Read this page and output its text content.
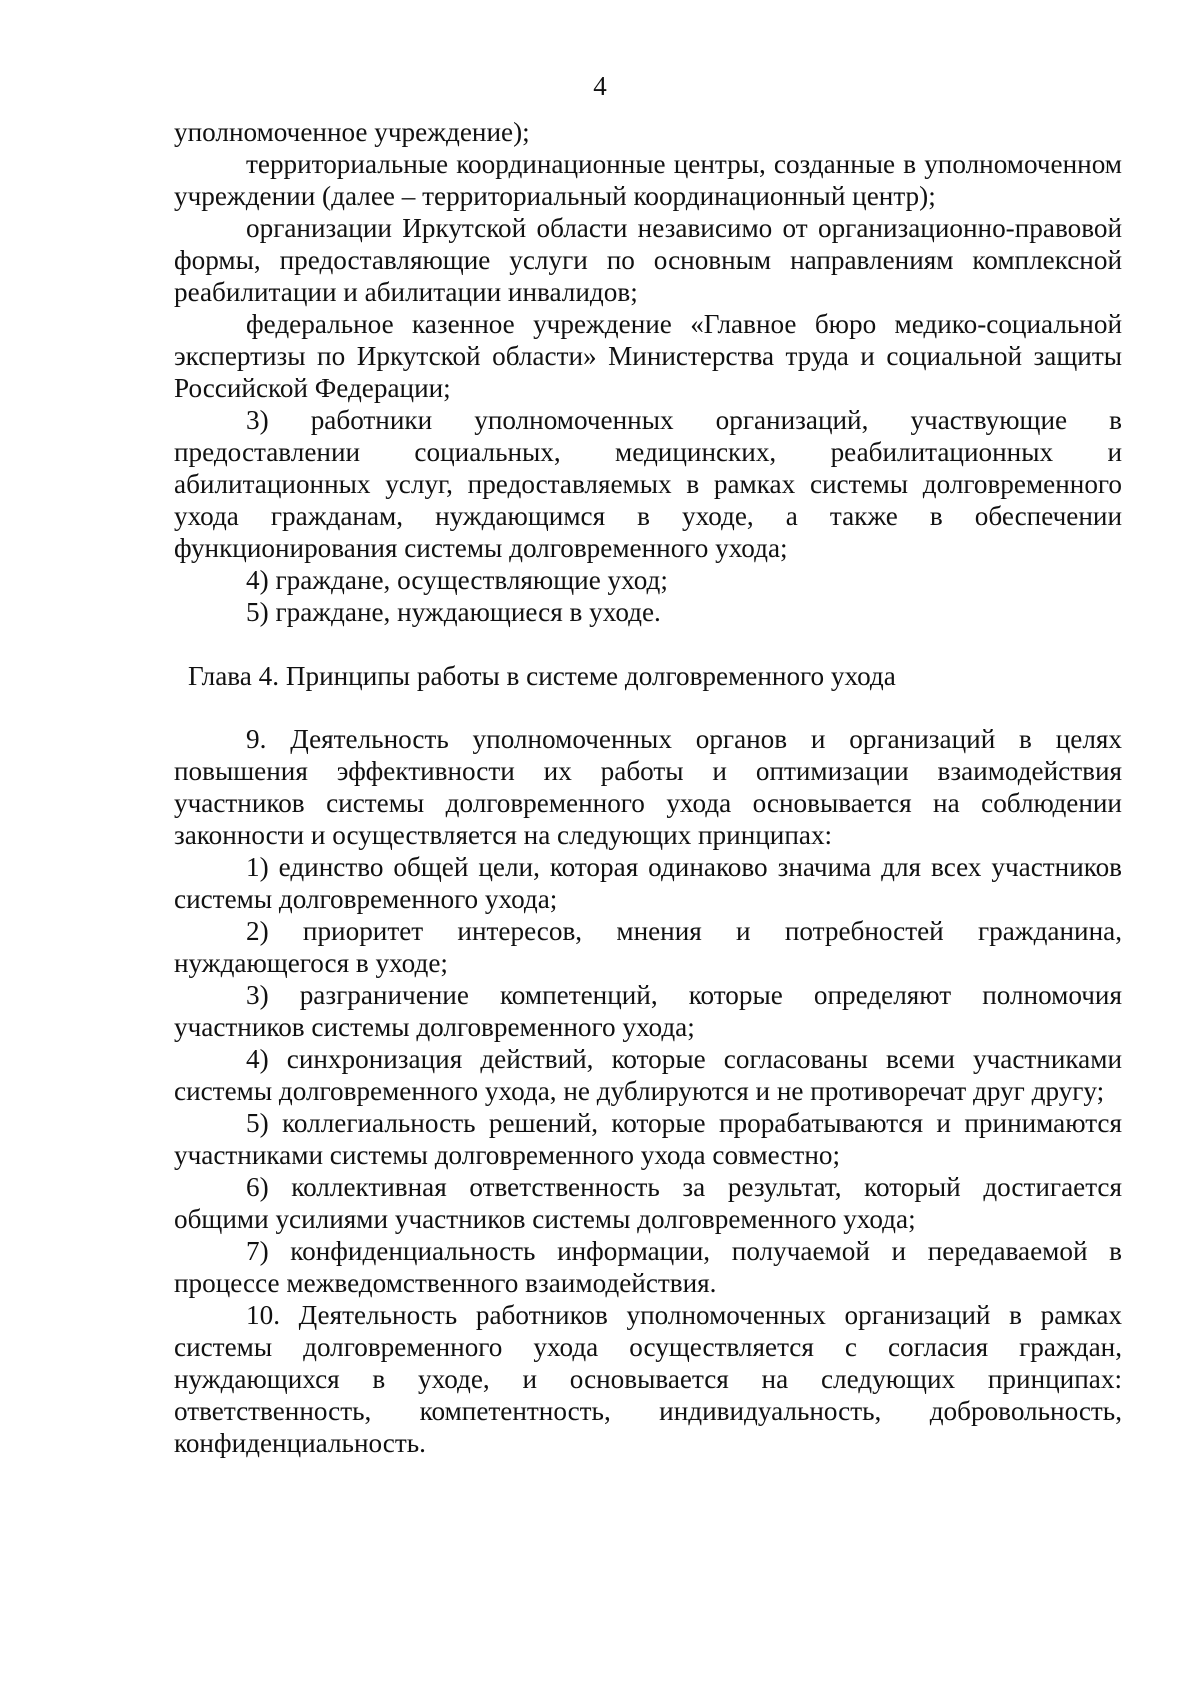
4

уполномоченное учреждение);

территориальные координационные центры, созданные в уполномоченном учреждении (далее – территориальный координационный центр);

организации Иркутской области независимо от организационно-правовой формы, предоставляющие услуги по основным направлениям комплексной реабилитации и абилитации инвалидов;

федеральное казенное учреждение «Главное бюро медико-социальной экспертизы по Иркутской области» Министерства труда и социальной защиты Российской Федерации;

3) работники уполномоченных организаций, участвующие в предоставлении социальных, медицинских, реабилитационных и абилитационных услуг, предоставляемых в рамках системы долговременного ухода гражданам, нуждающимся в уходе, а также в обеспечении функционирования системы долговременного ухода;

4) граждане, осуществляющие уход;

5) граждане, нуждающиеся в уходе.

Глава 4. Принципы работы в системе долговременного ухода

9. Деятельность уполномоченных органов и организаций в целях повышения эффективности их работы и оптимизации взаимодействия участников системы долговременного ухода основывается на соблюдении законности и осуществляется на следующих принципах:

1) единство общей цели, которая одинаково значима для всех участников системы долговременного ухода;

2) приоритет интересов, мнения и потребностей гражданина, нуждающегося в уходе;

3) разграничение компетенций, которые определяют полномочия участников системы долговременного ухода;

4) синхронизация действий, которые согласованы всеми участниками системы долговременного ухода, не дублируются и не противоречат друг другу;

5) коллегиальность решений, которые прорабатываются и принимаются участниками системы долговременного ухода совместно;

6) коллективная ответственность за результат, который достигается общими усилиями участников системы долговременного ухода;

7) конфиденциальность информации, получаемой и передаваемой в процессе межведомственного взаимодействия.

10. Деятельность работников уполномоченных организаций в рамках системы долговременного ухода осуществляется с согласия граждан, нуждающихся в уходе, и основывается на следующих принципах: ответственность, компетентность, индивидуальность, добровольность, конфиденциальность.
